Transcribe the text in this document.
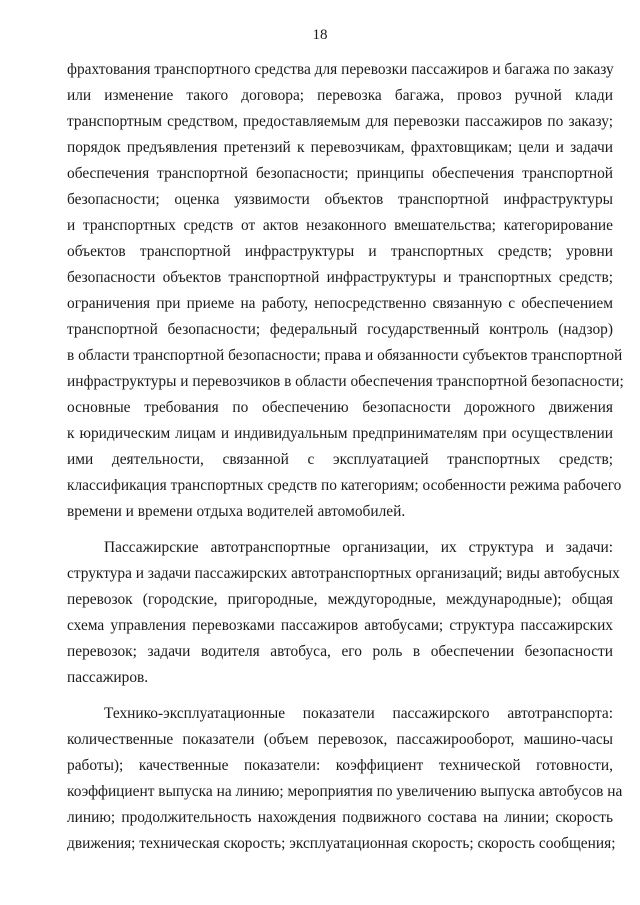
18
фрахтования транспортного средства для перевозки пассажиров и багажа по заказу
или изменение такого договора; перевозка багажа, провоз ручной клади
транспортным средством, предоставляемым для перевозки пассажиров по заказу;
порядок предъявления претензий к перевозчикам, фрахтовщикам; цели и задачи
обеспечения транспортной безопасности; принципы обеспечения транспортной
безопасности; оценка уязвимости объектов транспортной инфраструктуры
и транспортных средств от актов незаконного вмешательства; категорирование
объектов транспортной инфраструктуры и транспортных средств; уровни
безопасности объектов транспортной инфраструктуры и транспортных средств;
ограничения при приеме на работу, непосредственно связанную с обеспечением
транспортной безопасности; федеральный государственный контроль (надзор)
в области транспортной безопасности; права и обязанности субъектов транспортной
инфраструктуры и перевозчиков в области обеспечения транспортной безопасности;
основные требования по обеспечению безопасности дорожного движения
к юридическим лицам и индивидуальным предпринимателям при осуществлении
ими деятельности, связанной с эксплуатацией транспортных средств;
классификация транспортных средств по категориям; особенности режима рабочего
времени и времени отдыха водителей автомобилей.
Пассажирские автотранспортные организации, их структура и задачи:
структура и задачи пассажирских автотранспортных организаций; виды автобусных
перевозок (городские, пригородные, междугородные, международные); общая
схема управления перевозками пассажиров автобусами; структура пассажирских
перевозок; задачи водителя автобуса, его роль в обеспечении безопасности
пассажиров.
Технико-эксплуатационные показатели пассажирского автотранспорта:
количественные показатели (объем перевозок, пассажирооборот, машино-часы
работы); качественные показатели: коэффициент технической готовности,
коэффициент выпуска на линию; мероприятия по увеличению выпуска автобусов на
линию; продолжительность нахождения подвижного состава на линии; скорость
движения; техническая скорость; эксплуатационная скорость; скорость сообщения;
